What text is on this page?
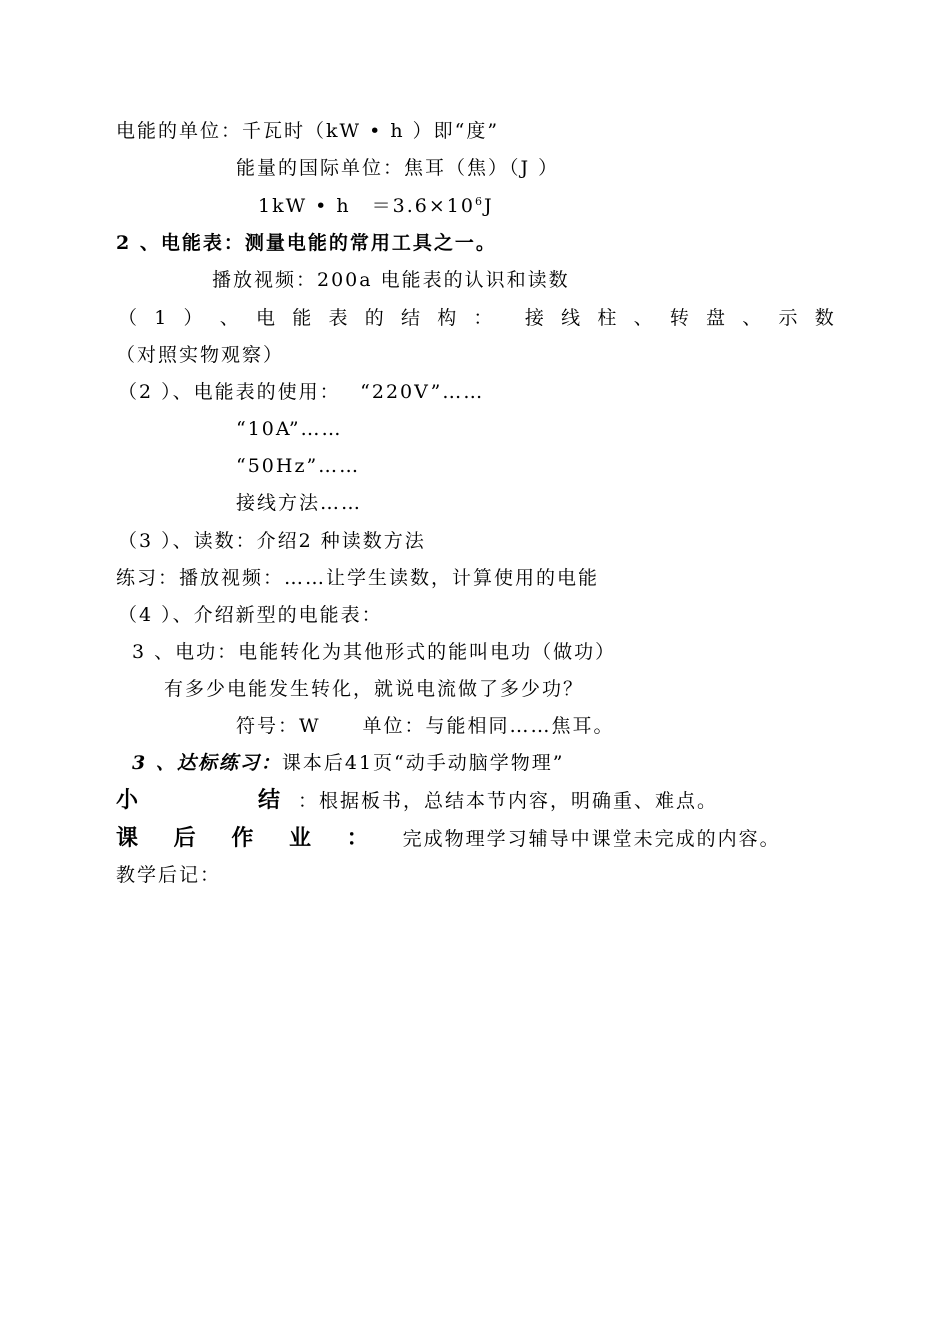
电能的单位：千瓦时（kW • h ）即“度”
能量的国际单位：焦耳（焦）（J ）
1kW • h　$=3.6\times 10^6J$
2 、电能表：测量电能的常用工具之一。
播放视频：200a 电能表的认识和读数
（ 1 ） 、 电 能 表 的 结 构 ： 接 线 柱 、 转 盘 、 示 数
（对照实物观察）
（2 ）、电能表的使用：　 “220V”……
“10A”……
“50Hz”……
接线方法……
（3 ）、读数：介绍2 种读数方法
练习：播放视频：……让学生读数，计算使用的电能
（4 ）、介绍新型的电能表：
3 、电功：电能转化为其他形式的能叫电功（做功）
有多少电能发生转化，就说电流做了多少功？
符号：W　　单位：与能相同……焦耳。
3 、达标练习：课本后41页“动手动脑学物理”
小	结 ：根据板书，总结本节内容，明确重、难点。
课 后 作 业 ： 完成物理学习辅导中课堂未完成的内容。
教学后记：
